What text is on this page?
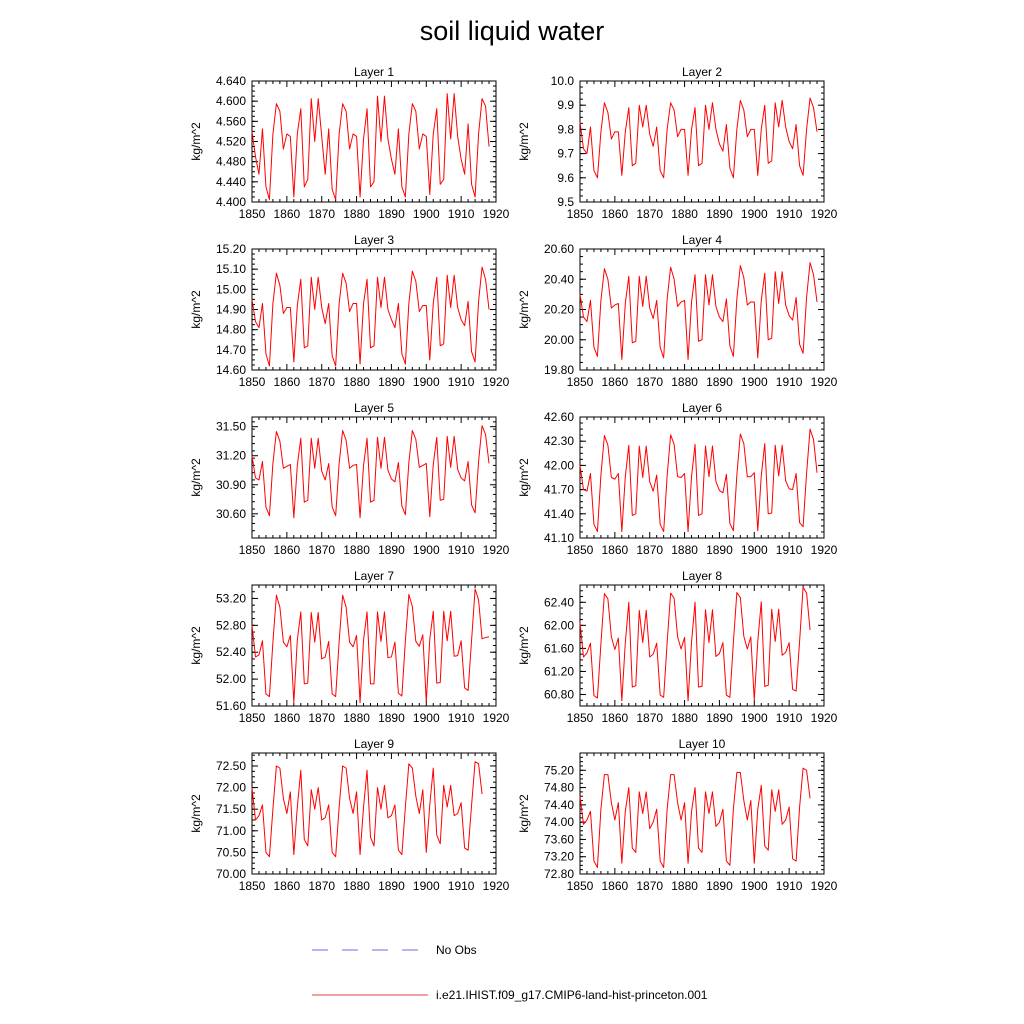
soil liquid water
Layer 1
kg/m^2
1850 1860 1870 1880 1890 1900 1910 1920
4.400
4.440
4.480
4.520
4.560
4.600
4.640
Layer 2
kg/m^2
1850 1860 1870 1880 1890 1900 1910 1920
9.5
9.6
9.7
9.8
9.9
10.0
Layer 3
kg/m^2
1850 1860 1870 1880 1890 1900 1910 1920
14.60
14.70
14.80
14.90
15.00
15.10
15.20
Layer 4
kg/m^2
1850 1860 1870 1880 1890 1900 1910 1920
19.80
20.00
20.20
20.40
20.60
Layer 5
kg/m^2
1850 1860 1870 1880 1890 1900 1910 1920
30.60
30.90
31.20
31.50
Layer 6
kg/m^2
1850 1860 1870 1880 1890 1900 1910 1920
41.10
41.40
41.70
42.00
42.30
42.60
Layer 7
kg/m^2
1850 1860 1870 1880 1890 1900 1910 1920
51.60
52.00
52.40
52.80
53.20
Layer 8
kg/m^2
1850 1860 1870 1880 1890 1900 1910 1920
60.80
61.20
61.60
62.00
62.40
Layer 9
kg/m^2
1850 1860 1870 1880 1890 1900 1910 1920
70.00
70.50
71.00
71.50
72.00
72.50
Layer 10
kg/m^2
1850 1860 1870 1880 1890 1900 1910 1920
72.80
73.20
73.60
74.00
74.40
74.80
75.20
No Obs
i.e21.IHIST.f09_g17.CMIP6-land-hist-princeton.001
